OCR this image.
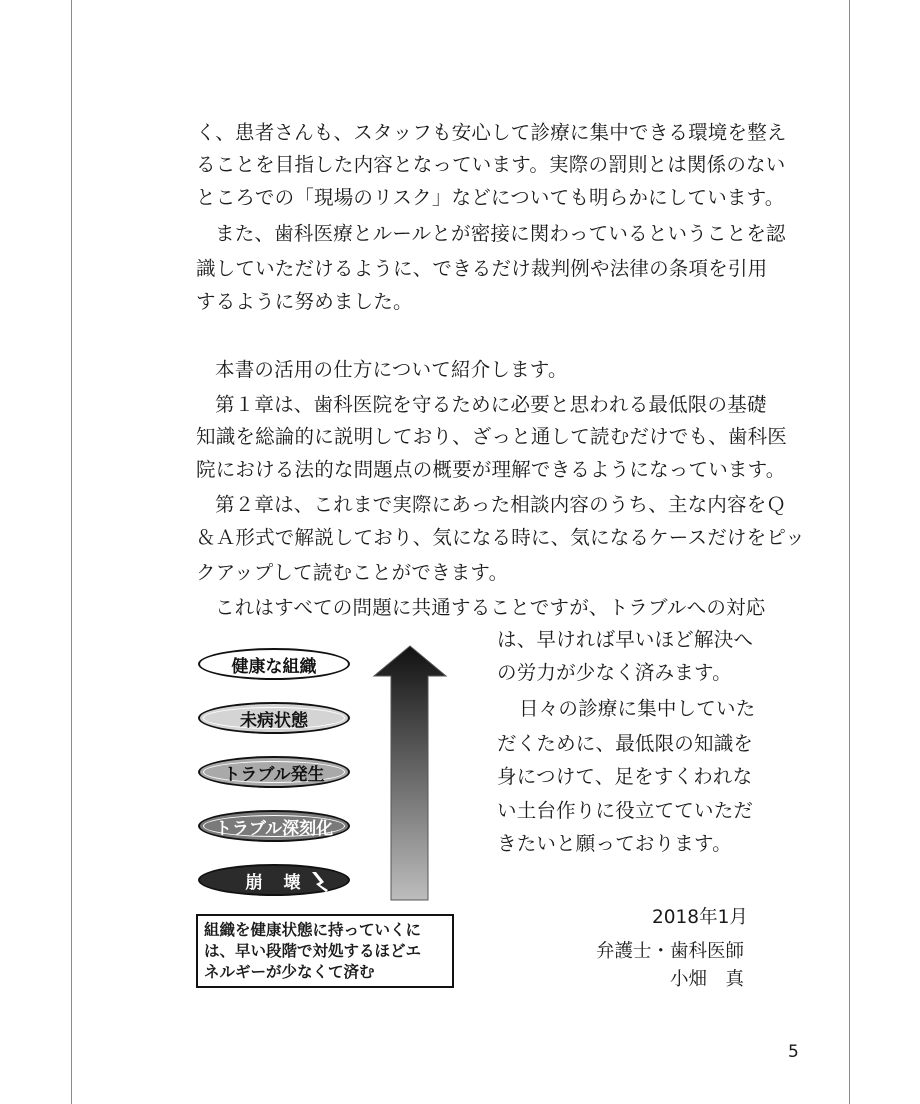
く、患者さんも、スタッフも安心して診療に集中できる環境を整え
ることを目指した内容となっています。実際の罰則とは関係のない
ところでの「現場のリスク」などについても明らかにしています。
また、歯科医療とルールとが密接に関わっているということを認
識していただけるように、できるだけ裁判例や法律の条項を引用
するように努めました。
本書の活用の仕方について紹介します。
第１章は、歯科医院を守るために必要と思われる最低限の基礎
知識を総論的に説明しており、ざっと通して読むだけでも、歯科医
院における法的な問題点の概要が理解できるようになっています。
第２章は、これまで実際にあった相談内容のうち、主な内容をＱ
＆Ａ形式で解説しており、気になる時に、気になるケースだけをピッ
クアップして読むことができます。
これはすべての問題に共通することですが、トラブルへの対応
は、早ければ早いほど解決へ
の労力が少なく済みます。
日々の診療に集中していた
だくために、最低限の知識を
身につけて、足をすくわれな
い土台作りに役立てていただ
きたいと願っております。
健康な組織
未病状態
トラブル発生
トラブル深刻化
崩　壊
組織を健康状態に持っていくに
は、早い段階で対処するほどエ
ネルギーが少なくて済む
2018年1月
弁護士・歯科医師
小畑　真
5
